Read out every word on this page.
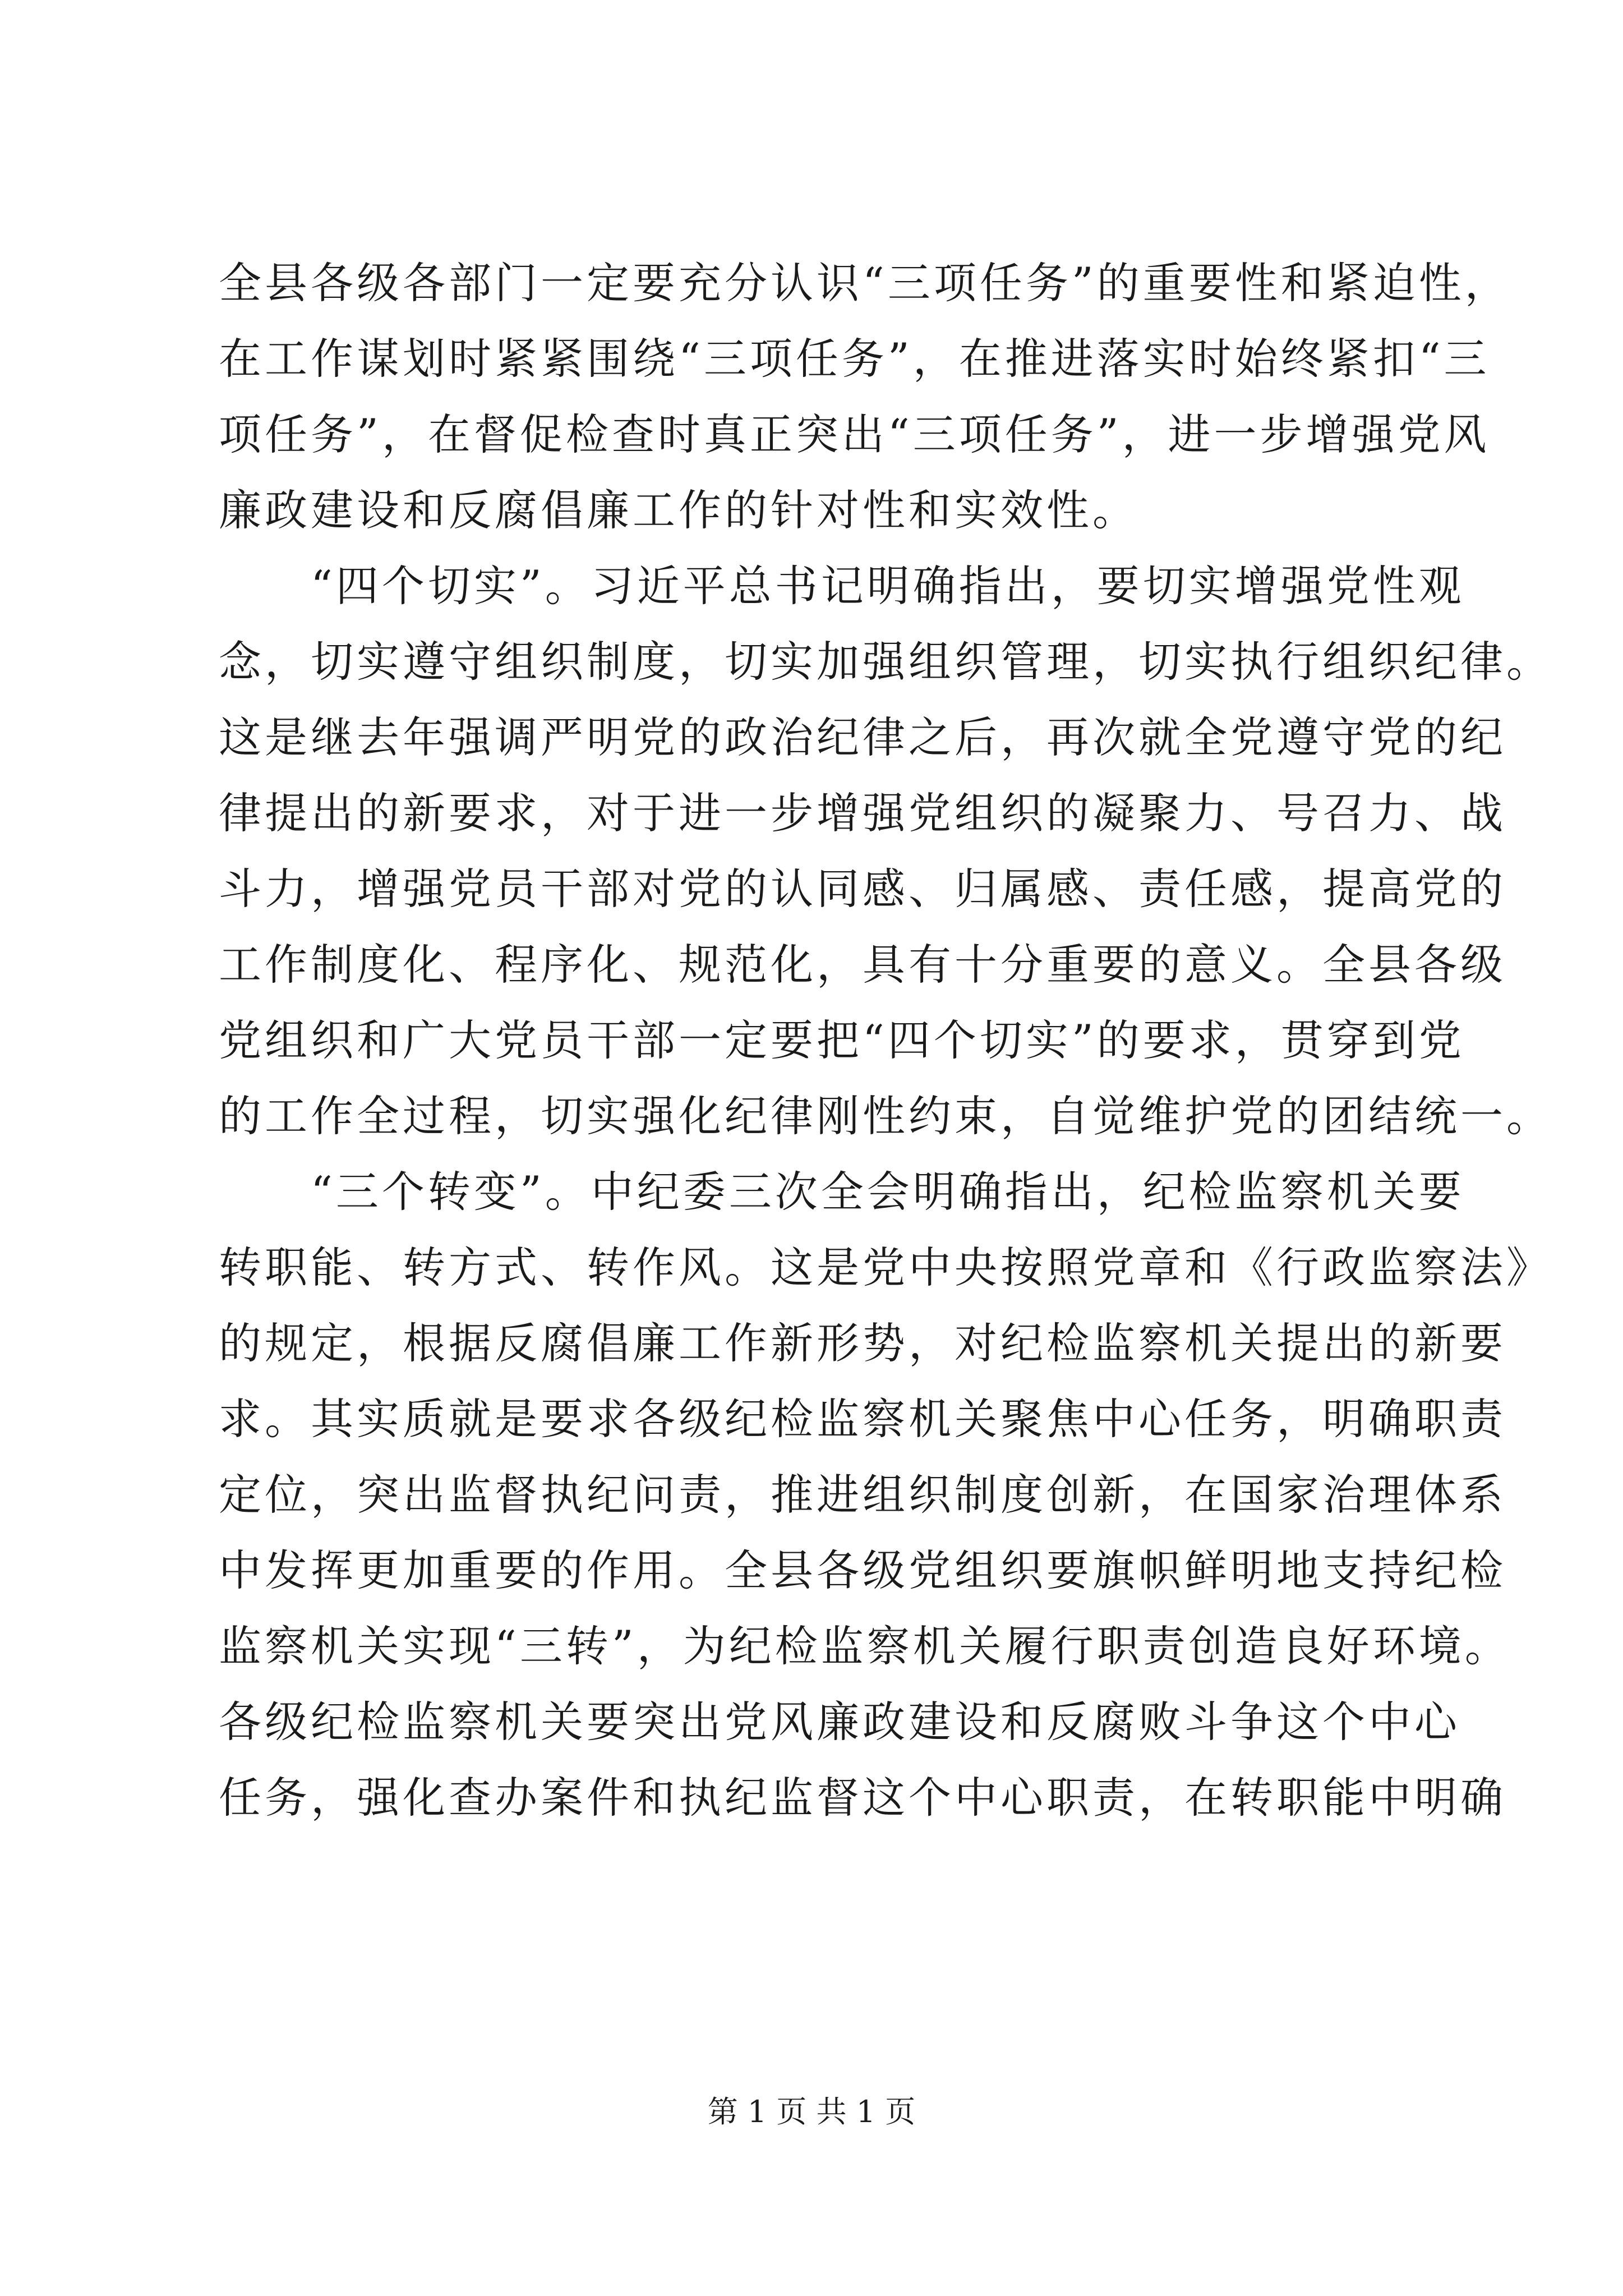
全县各级各部门一定要充分认识“三项任务”的重要性和紧迫性，
在工作谋划时紧紧围绕“三项任务”，在推进落实时始终紧扣“三
项任务”，在督促检查时真正突出“三项任务”，进一步增强党风
廉政建设和反腐倡廉工作的针对性和实效性。
　　“四个切实”。习近平总书记明确指出，要切实增强党性观
念，切实遵守组织制度，切实加强组织管理，切实执行组织纪律。
这是继去年强调严明党的政治纪律之后，再次就全党遵守党的纪
律提出的新要求，对于进一步增强党组织的凝聚力、号召力、战
斗力，增强党员干部对党的认同感、归属感、责任感，提高党的
工作制度化、程序化、规范化，具有十分重要的意义。全县各级
党组织和广大党员干部一定要把“四个切实”的要求，贯穿到党
的工作全过程，切实强化纪律刚性约束，自觉维护党的团结统一。
　　“三个转变”。中纪委三次全会明确指出，纪检监察机关要
转职能、转方式、转作风。这是党中央按照党章和《行政监察法》
的规定，根据反腐倡廉工作新形势，对纪检监察机关提出的新要
求。其实质就是要求各级纪检监察机关聚焦中心任务，明确职责
定位，突出监督执纪问责，推进组织制度创新，在国家治理体系
中发挥更加重要的作用。全县各级党组织要旗帜鲜明地支持纪检
监察机关实现“三转”，为纪检监察机关履行职责创造良好环境。
各级纪检监察机关要突出党风廉政建设和反腐败斗争这个中心
任务，强化查办案件和执纪监督这个中心职责，在转职能中明确
第 1 页 共 1 页
